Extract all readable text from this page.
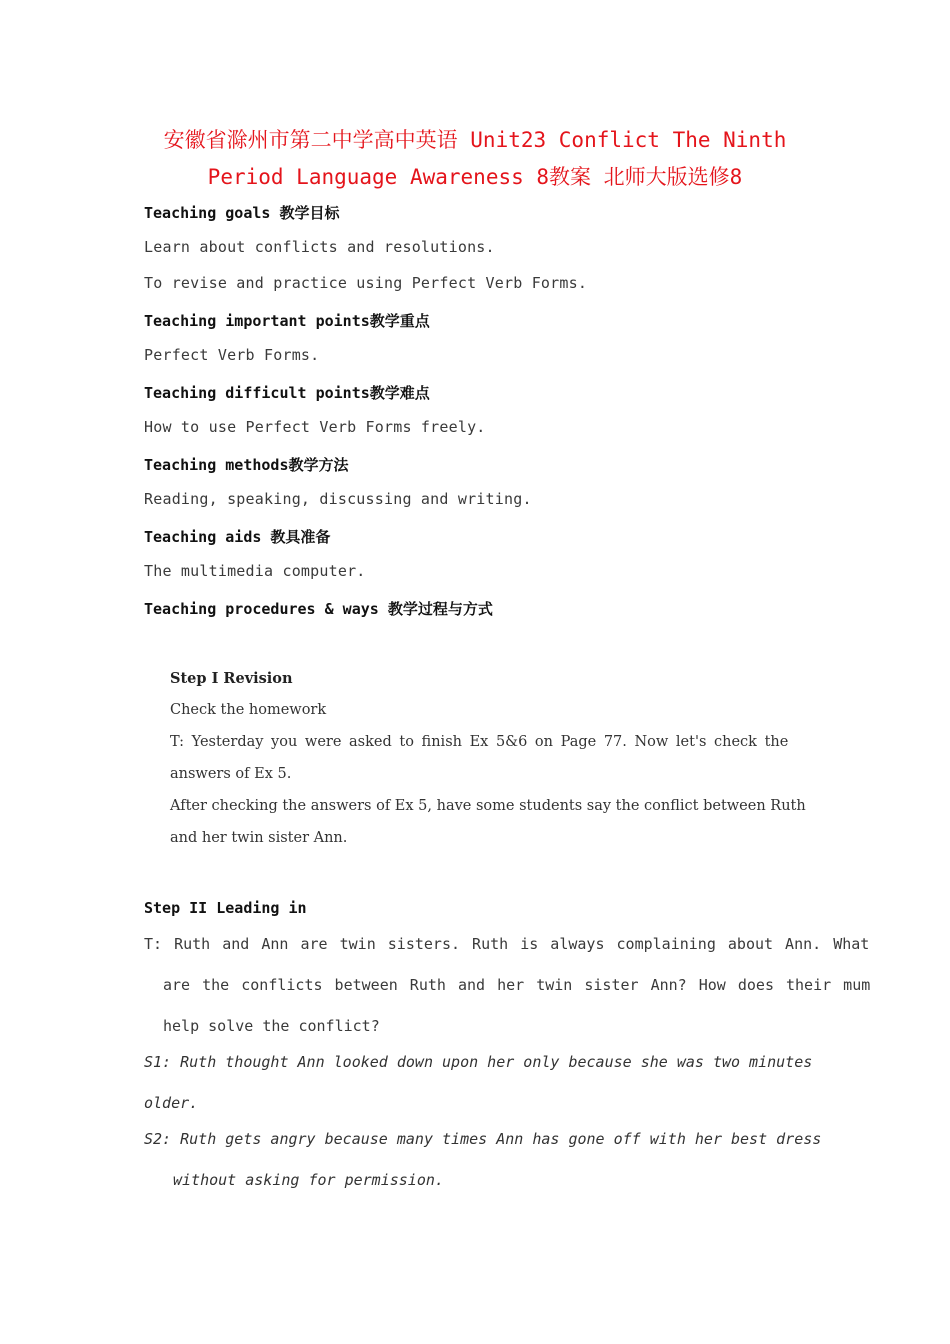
安徽省滁州市第二中学高中英语 Unit23 Conflict The Ninth
Period Language Awareness 8教案 北师大版选修8
Teaching goals 教学目标
Learn about conflicts and resolutions.
To revise and practice using Perfect Verb Forms.
Teaching important points教学重点
Perfect Verb Forms.
Teaching difficult points教学难点
How to use Perfect Verb Forms freely.
Teaching methods教学方法
Reading, speaking, discussing and writing.
Teaching aids 教具准备
The multimedia computer.
Teaching procedures & ways 教学过程与方式
Step I Revision
Check the homework
T: Yesterday you were asked to finish Ex 5&6 on Page 77. Now let's check the
answers of Ex 5.
After checking the answers of Ex 5, have some students say the conflict between Ruth
and her twin sister Ann.
Step II Leading in
T: Ruth and Ann are twin sisters. Ruth is always complaining about Ann. What
are the conflicts between Ruth and her twin sister Ann? How does their mum
help solve the conflict?
S1: Ruth thought Ann looked down upon her only because she was two minutes
older.
S2: Ruth gets angry because many times Ann has gone off with her best dress
without asking for permission.
